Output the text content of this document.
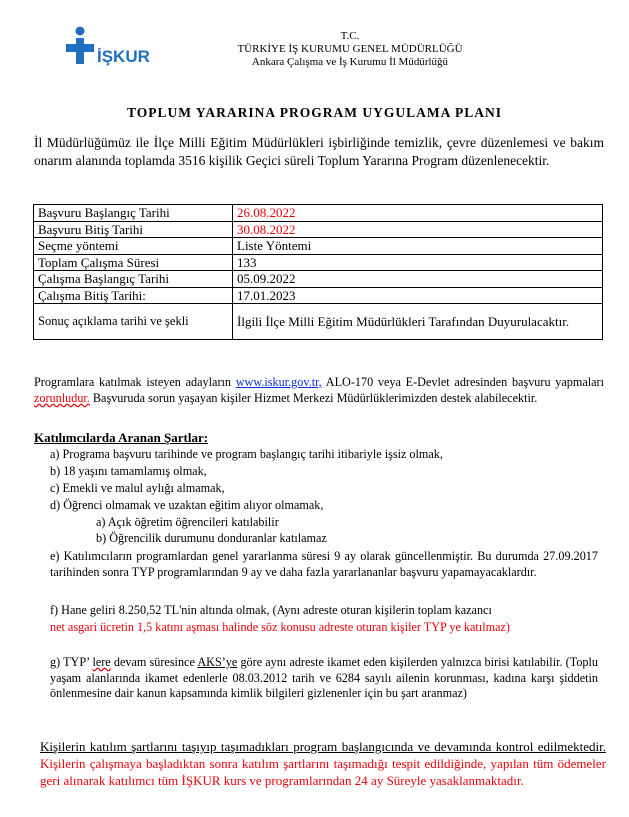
İŞKUR
T.C.
TÜRKİYE İŞ KURUMU GENEL MÜDÜRLÜĞÜ
Ankara Çalışma ve İş Kurumu İl Müdürlüğü
TOPLUM YARARINA PROGRAM UYGULAMA PLANI
İl Müdürlüğümüz ile İlçe Milli Eğitim Müdürlükleri işbirliğinde temizlik, çevre düzenlemesi ve bakım onarım alanında toplamda 3516 kişilik Geçici süreli Toplum Yararına Program düzenlenecektir.
Başvuru Başlangıç Tarihi	26.08.2022
Başvuru Bitiş Tarihi	30.08.2022
Seçme yöntemi	Liste Yöntemi
Toplam Çalışma Süresi	133
Çalışma Başlangıç Tarihi	05.09.2022
Çalışma Bitiş Tarihi:	17.01.2023
Sonuç açıklama tarihi ve şekli	İlgili İlçe Milli Eğitim Müdürlükleri Tarafından Duyurulacaktır.
Programlara katılmak isteyen adayların www.iskur.gov.tr, ALO-170 veya E-Devlet adresinden başvuru yapmaları zorunludur. Başvuruda sorun yaşayan kişiler Hizmet Merkezi Müdürlüklerimizden destek alabilecektir.
Katılımcılarda Aranan Şartlar:
a) Programa başvuru tarihinde ve program başlangıç tarihi itibariyle işsiz olmak,
b) 18 yaşını tamamlamış olmak,
c) Emekli ve malul aylığı almamak,
d) Öğrenci olmamak ve uzaktan eğitim alıyor olmamak,
a) Açık öğretim öğrencileri katılabilir
b) Öğrencilik durumunu donduranlar katılamaz
e) Katılımcıların programlardan genel yararlanma süresi 9 ay olarak güncellenmiştir. Bu durumda 27.09.2017 tarihinden sonra TYP programlarından 9 ay ve daha fazla yararlananlar başvuru yapamayacaklardır.
f) Hane geliri 8.250,52 TL'nin altında olmak, (Aynı adreste oturan kişilerin toplam kazancı
net asgari ücretin 1,5 katını aşması halinde söz konusu adreste oturan kişiler TYP ye katılmaz)
g) TYP’ lere devam süresince AKS’ye göre aynı adreste ikamet eden kişilerden yalnızca birisi katılabilir. (Toplu yaşam alanlarında ikamet edenlerle 08.03.2012 tarih ve 6284 sayılı ailenin korunması, kadına karşı şiddetin önlenmesine dair kanun kapsamında kimlik bilgileri gizlenenler için bu şart aranmaz)
Kişilerin katılım şartlarını taşıyıp taşımadıkları program başlangıcında ve devamında kontrol edilmektedir. Kişilerin çalışmaya başladıktan sonra katılım şartlarını taşımadığı tespit edildiğinde, yapılan tüm ödemeler geri alınarak katılımcı tüm İŞKUR kurs ve programlarından 24 ay Süreyle yasaklanmaktadır.
